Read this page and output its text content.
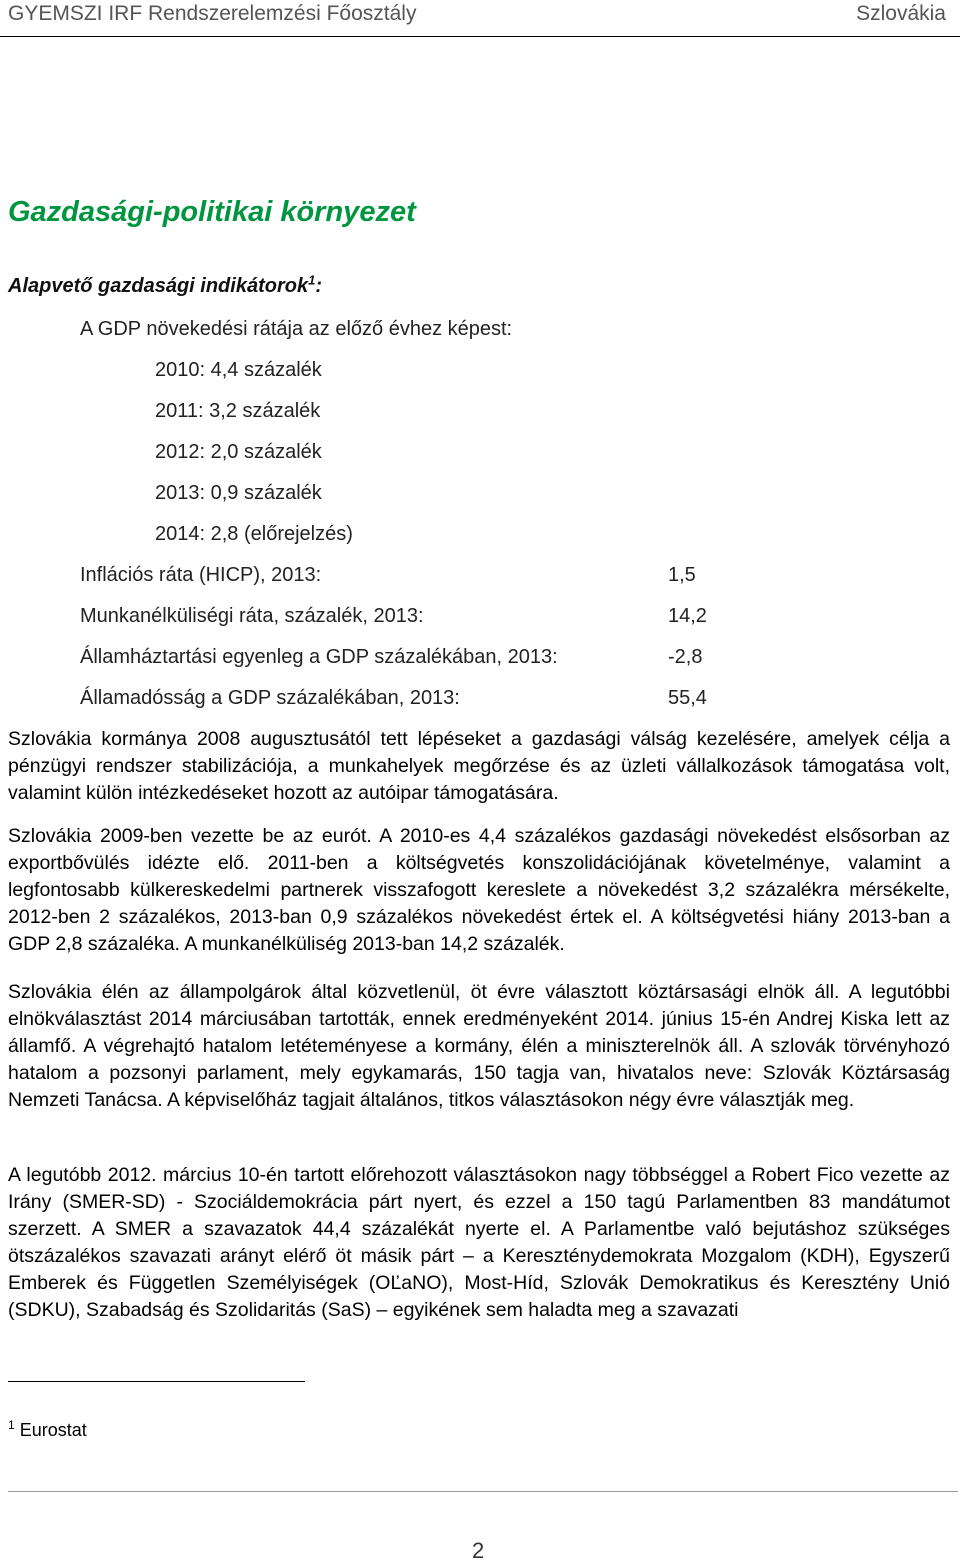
GYEMSZI IRF Rendszerelemzési Főosztály	Szlovákia
Gazdasági-politikai környezet
Alapvető gazdasági indikátorok$^1$:
A GDP növekedési rátája az előző évhez képest:
2010: 4,4 százalék
2011: 3,2 százalék
2012: 2,0 százalék
2013: 0,9 százalék
2014: 2,8 (előrejelzés)
Inflációs ráta (HICP), 2013:	1,5
Munkanélküliségi ráta, százalék, 2013:	14,2
Államháztartási egyenleg a GDP százalékában, 2013:	-2,8
Államadósság a GDP százalékában, 2013:	55,4

Szlovákia kormánya 2008 augusztusától tett lépéseket a gazdasági válság kezelésére, amelyek célja a pénzügyi rendszer stabilizációja, a munkahelyek megőrzése és az üzleti vállalkozások támogatása volt, valamint külön intézkedéseket hozott az autóipar támogatására.

Szlovákia 2009-ben vezette be az eurót. A 2010-es 4,4 százalékos gazdasági növekedést elsősorban az exportbővülés idézte elő. 2011-ben a költségvetés konszolidációjának követelménye, valamint a legfontosabb külkereskedelmi partnerek visszafogott kereslete a növekedést 3,2 százalékra mérsékelte, 2012-ben 2 százalékos, 2013-ban 0,9 százalékos növekedést értek el. A költségvetési hiány 2013-ban a GDP 2,8 százaléka. A munkanélküliség 2013-ban 14,2 százalék.

Szlovákia élén az állampolgárok által közvetlenül, öt évre választott köztársasági elnök áll. A legutóbbi elnökválasztást 2014 márciusában tartották, ennek eredményeként 2014. június 15-én Andrej Kiska lett az államfő. A végrehajtó hatalom letéteményese a kormány, élén a miniszterelnök áll. A szlovák törvényhozó hatalom a pozsonyi parlament, mely egykamarás, 150 tagja van, hivatalos neve: Szlovák Köztársaság Nemzeti Tanácsa. A képviselőház tagjait általános, titkos választásokon négy évre választják meg.

A legutóbb 2012. március 10-én tartott előrehozott választásokon nagy többséggel a Robert Fico vezette az Irány (SMER-SD) - Szociáldemokrácia párt nyert, és ezzel a 150 tagú Parlamentben 83 mandátumot szerzett. A SMER a szavazatok 44,4 százalékát nyerte el. A Parlamentbe való bejutáshoz szükséges ötszázalékos szavazati arányt elérő öt másik párt – a Kereszténydemokrata Mozgalom (KDH), Egyszerű Emberek és Független Személyiségek (OĽaNO), Most-Híd, Szlovák Demokratikus és Keresztény Unió (SDKU), Szabadság és Szolidaritás (SaS) – egyikének sem haladta meg a szavazati

$^1$ Eurostat
2
